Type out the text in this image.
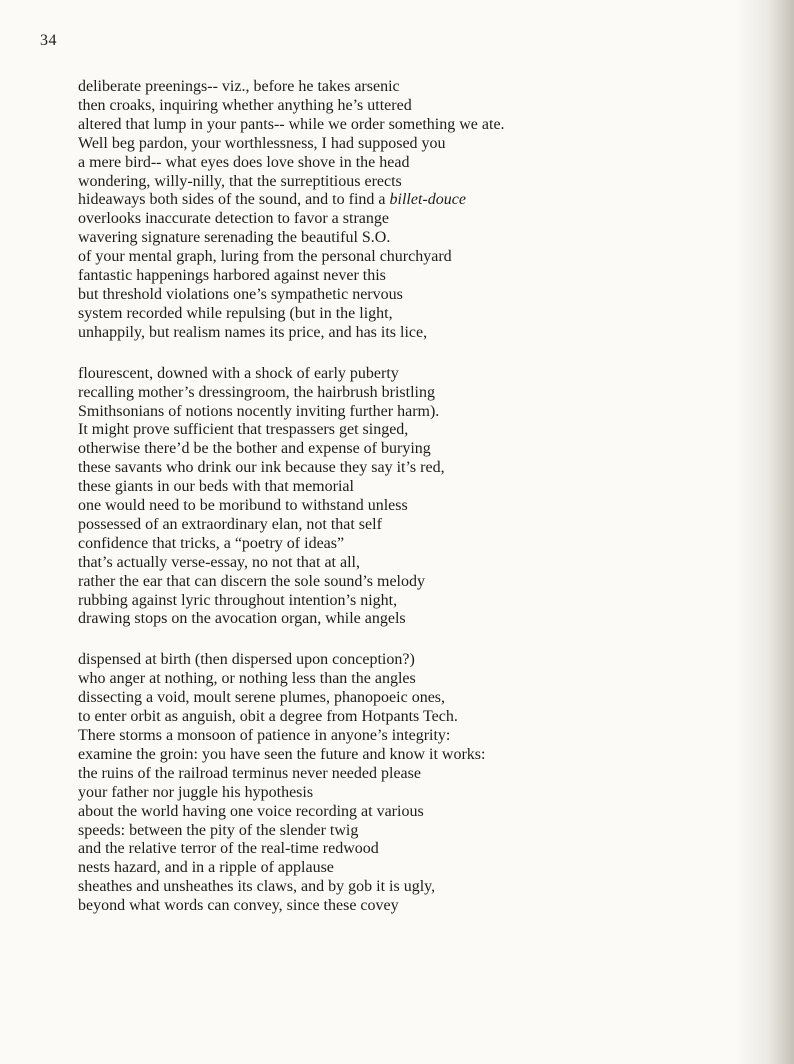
34
deliberate preenings-- viz., before he takes arsenic
then croaks, inquiring whether anything he’s uttered
altered that lump in your pants-- while we order something we ate.
Well beg pardon, your worthlessness, I had supposed you
a mere bird-- what eyes does love shove in the head
wondering, willy-nilly, that the surreptitious erects
hideaways both sides of the sound, and to find a billet-douce
overlooks inaccurate detection to favor a strange
wavering signature serenading the beautiful S.O.
of your mental graph, luring from the personal churchyard
fantastic happenings harbored against never this
but threshold violations one’s sympathetic nervous
system recorded while repulsing (but in the light,
unhappily, but realism names its price, and has its lice,
flourescent, downed with a shock of early puberty
recalling mother’s dressingroom, the hairbrush bristling
Smithsonians of notions nocently inviting further harm).
It might prove sufficient that trespassers get singed,
otherwise there’d be the bother and expense of burying
these savants who drink our ink because they say it’s red,
these giants in our beds with that memorial
one would need to be moribund to withstand unless
possessed of an extraordinary elan, not that self
confidence that tricks, a “poetry of ideas”
that’s actually verse-essay, no not that at all,
rather the ear that can discern the sole sound’s melody
rubbing against lyric throughout intention’s night,
drawing stops on the avocation organ, while angels
dispensed at birth (then dispersed upon conception?)
who anger at nothing, or nothing less than the angles
dissecting a void, moult serene plumes, phanopoeic ones,
to enter orbit as anguish, obit a degree from Hotpants Tech.
There storms a monsoon of patience in anyone’s integrity:
examine the groin: you have seen the future and know it works:
the ruins of the railroad terminus never needed please
your father nor juggle his hypothesis
about the world having one voice recording at various
speeds: between the pity of the slender twig
and the relative terror of the real-time redwood
nests hazard, and in a ripple of applause
sheathes and unsheathes its claws, and by gob it is ugly,
beyond what words can convey, since these covey
